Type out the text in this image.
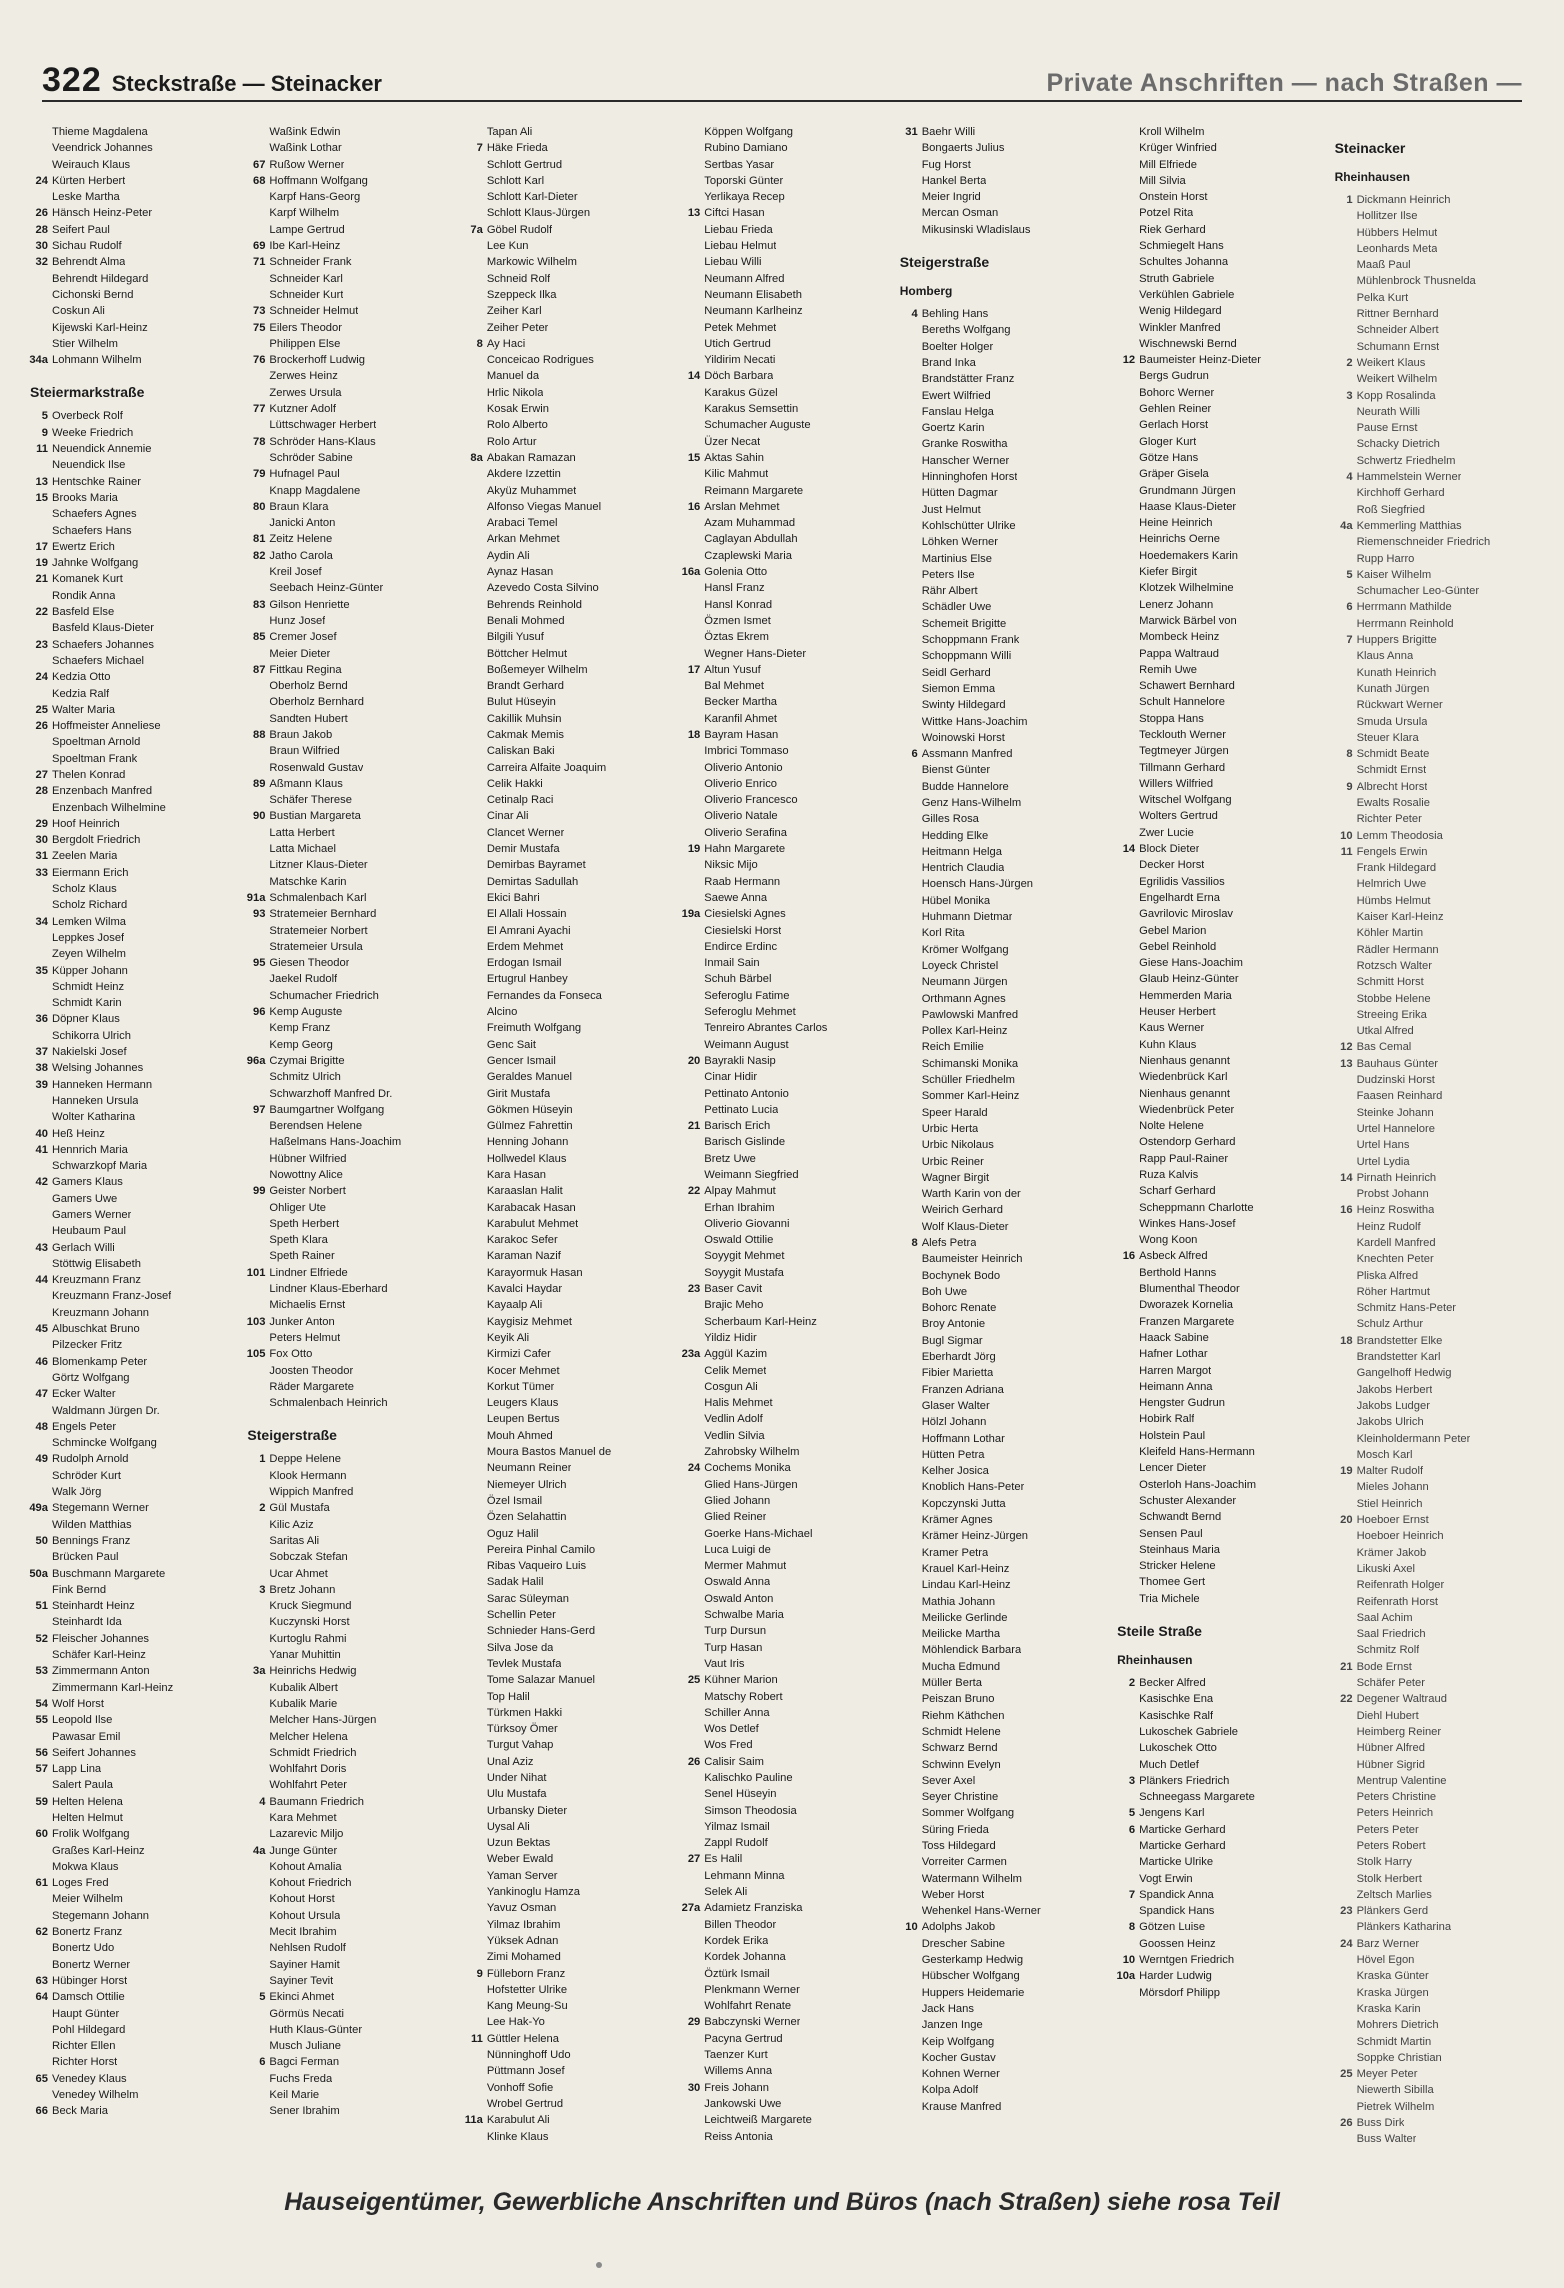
322 Steckstraße — Steinacker	Private Anschriften — nach Straßen —
Thieme Magdalena
Veendrick Johannes
Weirauch Klaus
24 Kürten Herbert
Leske Martha
26 Hänsch Heinz-Peter
28 Seifert Paul
30 Sichau Rudolf
32 Behrendt Alma
Behrendt Hildegard
Cichonski Bernd
Coskun Ali
Kijewski Karl-Heinz
Stier Wilhelm
34a Lohmann Wilhelm
Steiermarkstraße
5 Overbeck Rolf
9 Weeke Friedrich
11 Neuendick Annemie
Neuendick Ilse
13 Hentschke Rainer
15 Brooks Maria
Schaefers Agnes
Schaefers Hans
17 Ewertz Erich
19 Jahnke Wolfgang
21 Komanek Kurt
Rondik Anna
22 Basfeld Else
Basfeld Klaus-Dieter
23 Schaefers Johannes
Schaefers Michael
24 Kedzia Otto
Kedzia Ralf
25 Walter Maria
26 Hoffmeister Anneliese
Spoeltman Arnold
Spoeltman Frank
27 Thelen Konrad
28 Enzenbach Manfred
Enzenbach Wilhelmine
29 Hoof Heinrich
30 Bergdolt Friedrich
31 Zeelen Maria
33 Eiermann Erich
Scholz Klaus
Scholz Richard
34 Lemken Wilma
Leppkes Josef
Zeyen Wilhelm
35 Küpper Johann
Schmidt Heinz
Schmidt Karin
36 Döpner Klaus
Schikorra Ulrich
37 Nakielski Josef
38 Welsing Johannes
39 Hanneken Hermann
Hanneken Ursula
Wolter Katharina
40 Heß Heinz
41 Hennrich Maria
Schwarzkopf Maria
42 Gamers Klaus
Gamers Uwe
Gamers Werner
Heubaum Paul
43 Gerlach Willi
Stöttwig Elisabeth
44 Kreuzmann Franz
Kreuzmann Franz-Josef
Kreuzmann Johann
45 Albuschkat Bruno
Pilzecker Fritz
46 Blomenkamp Peter
Görtz Wolfgang
47 Ecker Walter
Waldmann Jürgen Dr.
48 Engels Peter
Schmincke Wolfgang
49 Rudolph Arnold
Schröder Kurt
Walk Jörg
49a Stegemann Werner
Wilden Matthias
50 Bennings Franz
Brücken Paul
50a Buschmann Margarete
Fink Bernd
51 Steinhardt Heinz
Steinhardt Ida
52 Fleischer Johannes
Schäfer Karl-Heinz
53 Zimmermann Anton
Zimmermann Karl-Heinz
54 Wolf Horst
55 Leopold Ilse
Pawasar Emil
56 Seifert Johannes
57 Lapp Lina
Salert Paula
59 Helten Helena
Helten Helmut
60 Frolik Wolfgang
Graßes Karl-Heinz
Mokwa Klaus
61 Loges Fred
Meier Wilhelm
Stegemann Johann
62 Bonertz Franz
Bonertz Udo
Bonertz Werner
63 Hübinger Horst
64 Damsch Ottilie
Haupt Günter
Pohl Hildegard
Richter Ellen
Richter Horst
65 Venedey Klaus
Venedey Wilhelm
66 Beck Maria
Waßink Edwin
Waßink Lothar
67 Rußow Werner
68 Hoffmann Wolfgang
Karpf Hans-Georg
Karpf Wilhelm
Lampe Gertrud
69 Ibe Karl-Heinz
71 Schneider Frank
Schneider Karl
Schneider Kurt
73 Schneider Helmut
75 Eilers Theodor
Philippen Else
76 Brockerhoff Ludwig
Zerwes Heinz
Zerwes Ursula
77 Kutzner Adolf
Lüttschwager Herbert
78 Schröder Hans-Klaus
Schröder Sabine
79 Hufnagel Paul
Knapp Magdalene
80 Braun Klara
Janicki Anton
81 Zeitz Helene
82 Jatho Carola
Kreil Josef
Seebach Heinz-Günter
83 Gilson Henriette
Hunz Josef
85 Cremer Josef
Meier Dieter
87 Fittkau Regina
Oberholz Bernd
Oberholz Bernhard
Sandten Hubert
88 Braun Jakob
Braun Wilfried
Rosenwald Gustav
89 Aßmann Klaus
Schäfer Therese
90 Bustian Margareta
Latta Herbert
Latta Michael
Litzner Klaus-Dieter
Matschke Karin
91a Schmalenbach Karl
93 Stratemeier Bernhard
Stratemeier Norbert
Stratemeier Ursula
95 Giesen Theodor
Jaekel Rudolf
Schumacher Friedrich
96 Kemp Auguste
Kemp Franz
Kemp Georg
96a Czymai Brigitte
Schmitz Ulrich
Schwarzhoff Manfred Dr.
97 Baumgartner Wolfgang
Berendsen Helene
Haßelmans Hans-Joachim
Hübner Wilfried
Nowottny Alice
99 Geister Norbert
Ohliger Ute
Speth Herbert
Speth Klara
Speth Rainer
101 Lindner Elfriede
Lindner Klaus-Eberhard
Michaelis Ernst
103 Junker Anton
Peters Helmut
105 Fox Otto
Joosten Theodor
Räder Margarete
Schmalenbach Heinrich
Steigerstraße
1 Deppe Helene
Klook Hermann
Wippich Manfred
2 Gül Mustafa
Kilic Aziz
Saritas Ali
Sobczak Stefan
Ucar Ahmet
3 Bretz Johann
Kruck Siegmund
Kuczynski Horst
Kurtoglu Rahmi
Yanar Muhittin
3a Heinrichs Hedwig
Kubalik Albert
Kubalik Marie
Melcher Hans-Jürgen
Melcher Helena
Schmidt Friedrich
Wohlfahrt Doris
Wohlfahrt Peter
4 Baumann Friedrich
Kara Mehmet
Lazarevic Miljo
4a Junge Günter
Kohout Amalia
Kohout Friedrich
Kohout Horst
Kohout Ursula
Mecit Ibrahim
Nehlsen Rudolf
Sayiner Hamit
Sayiner Tevit
5 Ekinci Ahmet
Görmüs Necati
Huth Klaus-Günter
Musch Juliane
6 Bagci Ferman
Fuchs Freda
Keil Marie
Sener Ibrahim
Tapan Ali
7 Häke Frieda
Schlott Gertrud
Schlott Karl
Schlott Karl-Dieter
Schlott Klaus-Jürgen
7a Göbel Rudolf
Lee Kun
Markowic Wilhelm
Schneid Rolf
Szeppeck Ilka
Zeiher Karl
Zeiher Peter
8 Ay Haci
Conceicao Rodrigues
Manuel da
Hrlic Nikola
Kosak Erwin
Rolo Alberto
Rolo Artur
8a Abakan Ramazan
Akdere Izzettin
Akyüz Muhammet
Alfonso Viegas Manuel
Arabaci Temel
Arkan Mehmet
Aydin Ali
Aynaz Hasan
Azevedo Costa Silvino
Behrends Reinhold
Benali Mohmed
Bilgili Yusuf
Böttcher Helmut
Boßemeyer Wilhelm
Brandt Gerhard
Bulut Hüseyin
Cakillik Muhsin
Cakmak Memis
Caliskan Baki
Carreira Alfaite Joaquim
Celik Hakki
Cetinalp Raci
Cinar Ali
Clancet Werner
Demir Mustafa
Demirbas Bayramet
Demirtas Sadullah
Ekici Bahri
El Allali Hossain
El Amrani Ayachi
Erdem Mehmet
Erdogan Ismail
Ertugrul Hanbey
Fernandes da Fonseca
Alcino
Freimuth Wolfgang
Genc Sait
Gencer Ismail
Geraldes Manuel
Girit Mustafa
Gökmen Hüseyin
Gülmez Fahrettin
Henning Johann
Hollwedel Klaus
Kara Hasan
Karaaslan Halit
Karabacak Hasan
Karabulut Mehmet
Karakoc Sefer
Karaman Nazif
Karayormuk Hasan
Kavalci Haydar
Kayaalp Ali
Kaygisiz Mehmet
Keyik Ali
Kirmizi Cafer
Kocer Mehmet
Korkut Tümer
Leugers Klaus
Leupen Bertus
Mouh Ahmed
Moura Bastos Manuel de
Neumann Reiner
Niemeyer Ulrich
Özel Ismail
Özen Selahattin
Oguz Halil
Pereira Pinhal Camilo
Ribas Vaqueiro Luis
Sadak Halil
Sarac Süleyman
Schellin Peter
Schnieder Hans-Gerd
Silva Jose da
Tevlek Mustafa
Tome Salazar Manuel
Top Halil
Türkmen Hakki
Türksoy Ömer
Turgut Vahap
Unal Aziz
Under Nihat
Ulu Mustafa
Urbansky Dieter
Uysal Ali
Uzun Bektas
Weber Ewald
Yaman Server
Yankinoglu Hamza
Yavuz Osman
Yilmaz Ibrahim
Yüksek Adnan
Zimi Mohamed
9 Fülleborn Franz
Hofstetter Ulrike
Kang Meung-Su
Lee Hak-Yo
11 Güttler Helena
Nünninghoff Udo
Püttmann Josef
Vonhoff Sofie
Wrobel Gertrud
11a Karabulut Ali
Klinke Klaus
Köppen Wolfgang
Rubino Damiano
Sertbas Yasar
Toporski Günter
Yerlikaya Recep
13 Ciftci Hasan
Liebau Frieda
Liebau Helmut
Liebau Willi
Neumann Alfred
Neumann Elisabeth
Neumann Karlheinz
Petek Mehmet
Utich Gertrud
Yildirim Necati
14 Döch Barbara
Karakus Güzel
Karakus Semsettin
Schumacher Auguste
Üzer Necat
15 Aktas Sahin
Kilic Mahmut
Reimann Margarete
16 Arslan Mehmet
Azam Muhammad
Caglayan Abdullah
Czaplewski Maria
16a Golenia Otto
Hansl Franz
Hansl Konrad
Özmen Ismet
Öztas Ekrem
Wegner Hans-Dieter
17 Altun Yusuf
Bal Mehmet
Becker Martha
Karanfil Ahmet
18 Bayram Hasan
Imbrici Tommaso
Oliverio Antonio
Oliverio Enrico
Oliverio Francesco
Oliverio Natale
Oliverio Serafina
19 Hahn Margarete
Niksic Mijo
Raab Hermann
Saewe Anna
19a Ciesielski Agnes
Ciesielski Horst
Endirce Erdinc
Inmail Sain
Schuh Bärbel
Seferoglu Fatime
Seferoglu Mehmet
Tenreiro Abrantes Carlos
Weimann August
20 Bayrakli Nasip
Cinar Hidir
Pettinato Antonio
Pettinato Lucia
21 Barisch Erich
Barisch Gislinde
Bretz Uwe
Weimann Siegfried
22 Alpay Mahmut
Erhan Ibrahim
Oliverio Giovanni
Oswald Ottilie
Soyygit Mehmet
Soyygit Mustafa
23 Baser Cavit
Brajic Meho
Scherbaum Karl-Heinz
Yildiz Hidir
23a Aggül Kazim
Celik Memet
Cosgun Ali
Halis Mehmet
Vedlin Adolf
Vedlin Silvia
Zahrobsky Wilhelm
24 Cochems Monika
Glied Hans-Jürgen
Glied Johann
Glied Reiner
Goerke Hans-Michael
Luca Luigi de
Mermer Mahmut
Oswald Anna
Oswald Anton
Schwalbe Maria
Turp Dursun
Turp Hasan
Vaut Iris
25 Kühner Marion
Matschy Robert
Schiller Anna
Wos Detlef
Wos Fred
26 Calisir Saim
Kalischko Pauline
Senel Hüseyin
Simson Theodosia
Yilmaz Ismail
Zappl Rudolf
27 Es Halil
Lehmann Minna
Selek Ali
27a Adamietz Franziska
Billen Theodor
Kordek Erika
Kordek Johanna
Öztürk Ismail
Plenkmann Werner
Wohlfahrt Renate
29 Babczynski Werner
Pacyna Gertrud
Taenzer Kurt
Willems Anna
30 Freis Johann
Jankowski Uwe
Leichtweiß Margarete
Reiss Antonia
31 Baehr Willi
Bongaerts Julius
Fug Horst
Hankel Berta
Meier Ingrid
Mercan Osman
Mikusinski Wladislaus
Steigerstraße
Homberg
4 Behling Hans
Bereths Wolfgang
Boelter Holger
Brand Inka
Brandstätter Franz
Ewert Wilfried
Fanslau Helga
Goertz Karin
Granke Roswitha
Hanscher Werner
Hinninghofen Horst
Hütten Dagmar
Just Helmut
Kohlschütter Ulrike
Löhken Werner
Martinius Else
Peters Ilse
Rähr Albert
Schädler Uwe
Schemeit Brigitte
Schoppmann Frank
Schoppmann Willi
Seidl Gerhard
Siemon Emma
Swinty Hildegard
Wittke Hans-Joachim
Woinowski Horst
6 Assmann Manfred
Bienst Günter
Budde Hannelore
Genz Hans-Wilhelm
Gilles Rosa
Hedding Elke
Heitmann Helga
Hentrich Claudia
Hoensch Hans-Jürgen
Hübel Monika
Huhmann Dietmar
Korl Rita
Krömer Wolfgang
Loyeck Christel
Neumann Jürgen
Orthmann Agnes
Pawlowski Manfred
Pollex Karl-Heinz
Reich Emilie
Schimanski Monika
Schüller Friedhelm
Sommer Karl-Heinz
Speer Harald
Urbic Herta
Urbic Nikolaus
Urbic Reiner
Wagner Birgit
Warth Karin von der
Weirich Gerhard
Wolf Klaus-Dieter
8 Alefs Petra
Baumeister Heinrich
Bochynek Bodo
Boh Uwe
Bohorc Renate
Broy Antonie
Bugl Sigmar
Eberhardt Jörg
Fibier Marietta
Franzen Adriana
Glaser Walter
Hölzl Johann
Hoffmann Lothar
Hütten Petra
Kelher Josica
Knoblich Hans-Peter
Kopczynski Jutta
Krämer Agnes
Krämer Heinz-Jürgen
Kramer Petra
Krauel Karl-Heinz
Lindau Karl-Heinz
Mathia Johann
Meilicke Gerlinde
Meilicke Martha
Möhlendick Barbara
Mucha Edmund
Müller Berta
Peiszan Bruno
Riehm Käthchen
Schmidt Helene
Schwarz Bernd
Schwinn Evelyn
Sever Axel
Seyer Christine
Sommer Wolfgang
Süring Frieda
Toss Hildegard
Vorreiter Carmen
Watermann Wilhelm
Weber Horst
Wehenkel Hans-Werner
10 Adolphs Jakob
Drescher Sabine
Gesterkamp Hedwig
Hübscher Wolfgang
Huppers Heidemarie
Jack Hans
Janzen Inge
Keip Wolfgang
Kocher Gustav
Kohnen Werner
Kolpa Adolf
Krause Manfred
Kroll Wilhelm
Krüger Winfried
Mill Elfriede
Mill Silvia
Onstein Horst
Potzel Rita
Riek Gerhard
Schmiegelt Hans
Schultes Johanna
Struth Gabriele
Verkühlen Gabriele
Wenig Hildegard
Winkler Manfred
Wischnewski Bernd
12 Baumeister Heinz-Dieter
Bergs Gudrun
Bohorc Werner
Gehlen Reiner
Gerlach Horst
Gloger Kurt
Götze Hans
Gräper Gisela
Grundmann Jürgen
Haase Klaus-Dieter
Heine Heinrich
Heinrichs Oerne
Hoedemakers Karin
Kiefer Birgit
Klotzek Wilhelmine
Lenerz Johann
Marwick Bärbel von
Mombeck Heinz
Pappa Waltraud
Remih Uwe
Schawert Bernhard
Schult Hannelore
Stoppa Hans
Tecklouth Werner
Tegtmeyer Jürgen
Tillmann Gerhard
Willers Wilfried
Witschel Wolfgang
Wolters Gertrud
Zwer Lucie
14 Block Dieter
Decker Horst
Egrilidis Vassilios
Engelhardt Erna
Gavrilovic Miroslav
Gebel Marion
Gebel Reinhold
Giese Hans-Joachim
Glaub Heinz-Günter
Hemmerden Maria
Heuser Herbert
Kaus Werner
Kuhn Klaus
Nienhaus genannt
Wiedenbrück Karl
Nienhaus genannt
Wiedenbrück Peter
Nolte Helene
Ostendorp Gerhard
Rapp Paul-Rainer
Ruza Kalvis
Scharf Gerhard
Scheppmann Charlotte
Winkes Hans-Josef
Wong Koon
16 Asbeck Alfred
Berthold Hanns
Blumenthal Theodor
Dworazek Kornelia
Franzen Margarete
Haack Sabine
Hafner Lothar
Harren Margot
Heimann Anna
Hengster Gudrun
Hobirk Ralf
Holstein Paul
Kleifeld Hans-Hermann
Lencer Dieter
Osterloh Hans-Joachim
Schuster Alexander
Schwandt Bernd
Sensen Paul
Steinhaus Maria
Stricker Helene
Thomee Gert
Tria Michele
Steile Straße
Rheinhausen
2 Becker Alfred
Kasischke Ena
Kasischke Ralf
Lukoschek Gabriele
Lukoschek Otto
Much Detlef
3 Plänkers Friedrich
Schneegass Margarete
5 Jengens Karl
6 Marticke Gerhard
Marticke Gerhard
Marticke Ulrike
Vogt Erwin
7 Spandick Anna
Spandick Hans
8 Götzen Luise
Goossen Heinz
10 Werntgen Friedrich
10a Harder Ludwig
Mörsdorf Philipp
Steinacker
Rheinhausen
1 Dickmann Heinrich
Hollitzer Ilse
Hübbers Helmut
Leonhards Meta
Maaß Paul
Mühlenbrock Thusnelda
Pelka Kurt
Rittner Bernhard
Schneider Albert
Schumann Ernst
2 Weikert Klaus
Weikert Wilhelm
3 Kopp Rosalinda
Neurath Willi
Pause Ernst
Schacky Dietrich
Schwertz Friedhelm
4 Hammelstein Werner
Kirchhoff Gerhard
Roß Siegfried
4a Kemmerling Matthias
Riemenschneider Friedrich
Rupp Harro
5 Kaiser Wilhelm
Schumacher Leo-Günter
6 Herrmann Mathilde
Herrmann Reinhold
7 Huppers Brigitte
Klaus Anna
Kunath Heinrich
Kunath Jürgen
Rückwart Werner
Smuda Ursula
Steuer Klara
8 Schmidt Beate
Schmidt Ernst
9 Albrecht Horst
Ewalts Rosalie
Richter Peter
10 Lemm Theodosia
11 Fengels Erwin
Frank Hildegard
Helmrich Uwe
Hümbs Helmut
Kaiser Karl-Heinz
Köhler Martin
Rädler Hermann
Rotzsch Walter
Schmitt Horst
Stobbe Helene
Streeing Erika
Utkal Alfred
12 Bas Cemal
13 Bauhaus Günter
Dudzinski Horst
Faasen Reinhard
Steinke Johann
Urtel Hannelore
Urtel Hans
Urtel Lydia
14 Pirnath Heinrich
Probst Johann
16 Heinz Roswitha
Heinz Rudolf
Kardell Manfred
Knechten Peter
Pliska Alfred
Röher Hartmut
Schmitz Hans-Peter
Schulz Arthur
18 Brandstetter Elke
Brandstetter Karl
Gangelhoff Hedwig
Jakobs Herbert
Jakobs Ludger
Jakobs Ulrich
Kleinholdermann Peter
Mosch Karl
19 Malter Rudolf
Mieles Johann
Stiel Heinrich
20 Hoeboer Ernst
Hoeboer Heinrich
Krämer Jakob
Likuski Axel
Reifenrath Holger
Reifenrath Horst
Saal Achim
Saal Friedrich
Schmitz Rolf
21 Bode Ernst
Schäfer Peter
22 Degener Waltraud
Diehl Hubert
Heimberg Reiner
Hübner Alfred
Hübner Sigrid
Mentrup Valentine
Peters Christine
Peters Heinrich
Peters Peter
Peters Robert
Stolk Harry
Stolk Herbert
Zeltsch Marlies
23 Plänkers Gerd
Plänkers Katharina
24 Barz Werner
Hövel Egon
Kraska Günter
Kraska Jürgen
Kraska Karin
Mohrers Dietrich
Schmidt Martin
Soppke Christian
25 Meyer Peter
Niewerth Sibilla
Pietrek Wilhelm
26 Buss Dirk
Buss Walter
Hauseigentümer, Gewerbliche Anschriften und Büros (nach Straßen) siehe rosa Teil
